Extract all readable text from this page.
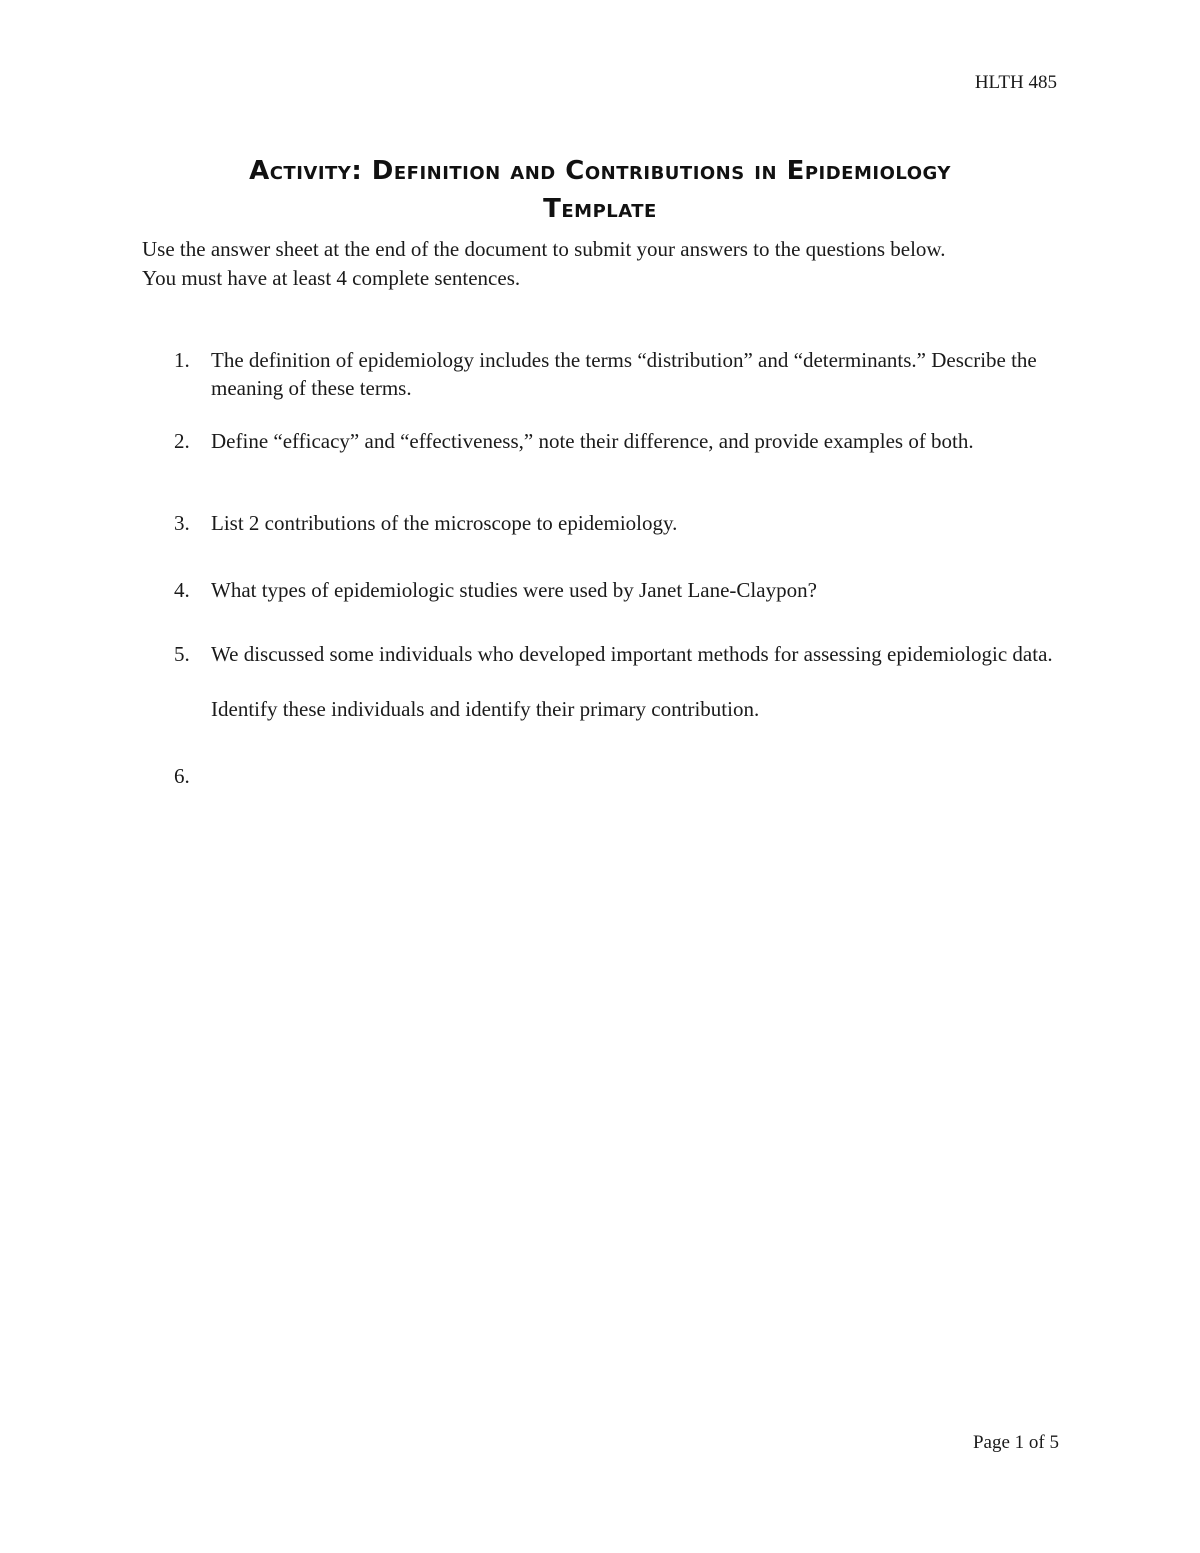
HLTH 485
Activity: Definition and Contributions in Epidemiology
Template

Use the answer sheet at the end of the document to submit your answers to the questions below.

You must have at least 4 complete sentences.

1. The definition of epidemiology includes the terms “distribution” and “determinants.” Describe the meaning of these terms.
2. Define “efficacy” and “effectiveness,” note their difference, and provide examples of both.
3. List 2 contributions of the microscope to epidemiology.
4. What types of epidemiologic studies were used by Janet Lane-Claypon?
5. We discussed some individuals who developed important methods for assessing epidemiologic data. Identify these individuals and identify their primary contribution.
6.
Page 1 of 5
